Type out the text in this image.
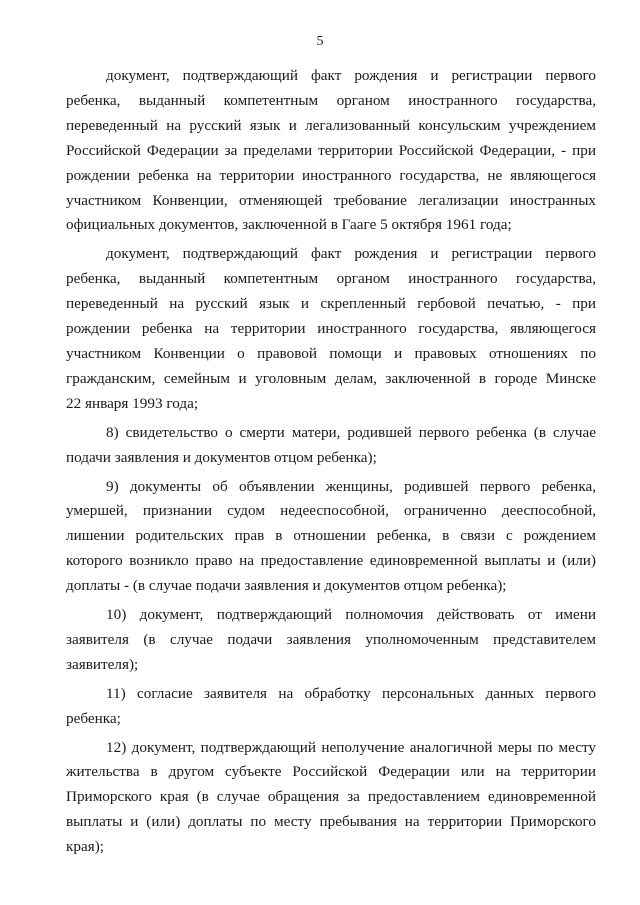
5
документ, подтверждающий факт рождения и регистрации первого
ребенка, выданный компетентным органом иностранного государства,
переведенный на русский язык и легализованный консульским учреждением
Российской Федерации за пределами территории Российской Федерации, - при
рождении ребенка на территории иностранного государства, не являющегося
участником Конвенции, отменяющей требование легализации иностранных
официальных документов, заключенной в Гааге 5 октября 1961 года;
документ, подтверждающий факт рождения и регистрации первого
ребенка, выданный компетентным органом иностранного государства,
переведенный на русский язык и скрепленный гербовой печатью, - при
рождении ребенка на территории иностранного государства, являющегося
участником Конвенции о правовой помощи и правовых отношениях по
гражданским, семейным и уголовным делам, заключенной в городе Минске
22 января 1993 года;
8) свидетельство о смерти матери, родившей первого ребенка (в случае
подачи заявления и документов отцом ребенка);
9) документы об объявлении женщины, родившей первого ребенка,
умершей, признании судом недееспособной, ограниченно дееспособной,
лишении родительских прав в отношении ребенка, в связи с рождением
которого возникло право на предоставление единовременной выплаты и (или)
доплаты - (в случае подачи заявления и документов отцом ребенка);
10) документ, подтверждающий полномочия действовать от имени
заявителя (в случае подачи заявления уполномоченным представителем
заявителя);
11) согласие заявителя на обработку персональных данных первого
ребенка;
12) документ, подтверждающий неполучение аналогичной меры по месту
жительства в другом субъекте Российской Федерации или на территории
Приморского края (в случае обращения за предоставлением единовременной
выплаты и (или) доплаты по месту пребывания на территории Приморского
края);
